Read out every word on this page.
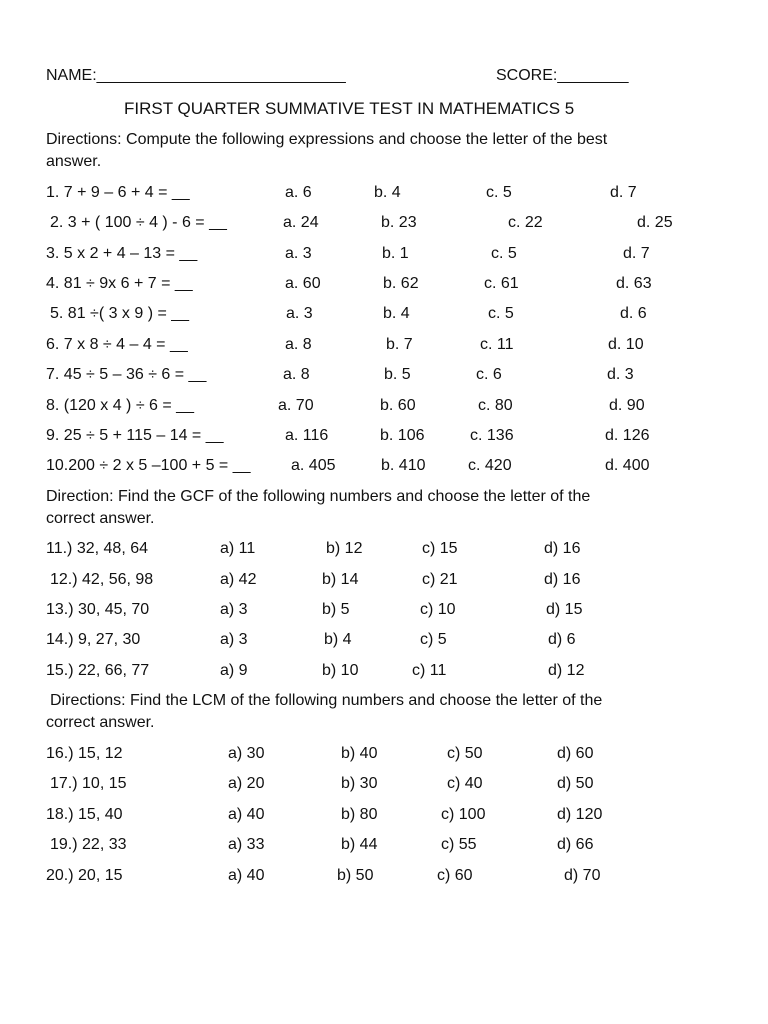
NAME:____________________________	SCORE:________
FIRST QUARTER SUMMATIVE TEST IN MATHEMATICS 5
Directions: Compute the following expressions and choose the letter of the best
answer.
1. 7 + 9 – 6 + 4 = __	a. 6	b. 4	c. 5	d. 7
2. 3 + ( 100 ÷ 4 ) - 6 = __	a. 24	b. 23	c. 22	d. 25
3. 5 x 2 + 4 – 13 = __	a. 3	b. 1	c. 5	d. 7
4. 81 ÷ 9x 6 + 7 = __	a. 60	b. 62	c. 61	d. 63
5. 81 ÷( 3 x 9 ) = __	a. 3	b. 4	c. 5	d. 6
6. 7 x 8 ÷ 4 – 4 = __	a. 8	b. 7	c. 11	d. 10
7. 45 ÷ 5 – 36 ÷ 6 = __	a. 8	b. 5	c. 6	d. 3
8. (120 x 4 ) ÷ 6 = __	a. 70	b. 60	c. 80	d. 90
9. 25 ÷ 5 + 115 – 14 = __	a. 116	b. 106	c. 136	d. 126
10.200 ÷ 2 x 5 –100 + 5 = __	a. 405	b. 410	c. 420	d. 400
Direction: Find the GCF of the following numbers and choose the letter of the
correct answer.
11.) 32, 48, 64	a) 11	b) 12	c) 15	d) 16
12.) 42, 56, 98	a) 42	b) 14	c) 21	d) 16
13.) 30, 45, 70	a) 3	b) 5	c) 10	d) 15
14.) 9, 27, 30	a) 3	b) 4	c) 5	d) 6
15.) 22, 66, 77	a) 9	b) 10	c) 11	d) 12
Directions: Find the LCM of the following numbers and choose the letter of the
correct answer.
16.) 15, 12	a) 30	b) 40	c) 50	d) 60
17.) 10, 15	a) 20	b) 30	c) 40	d) 50
18.) 15, 40	a) 40	b) 80	c) 100	d) 120
19.) 22, 33	a) 33	b) 44	c) 55	d) 66
20.) 20, 15	a) 40	b) 50	c) 60	d) 70
